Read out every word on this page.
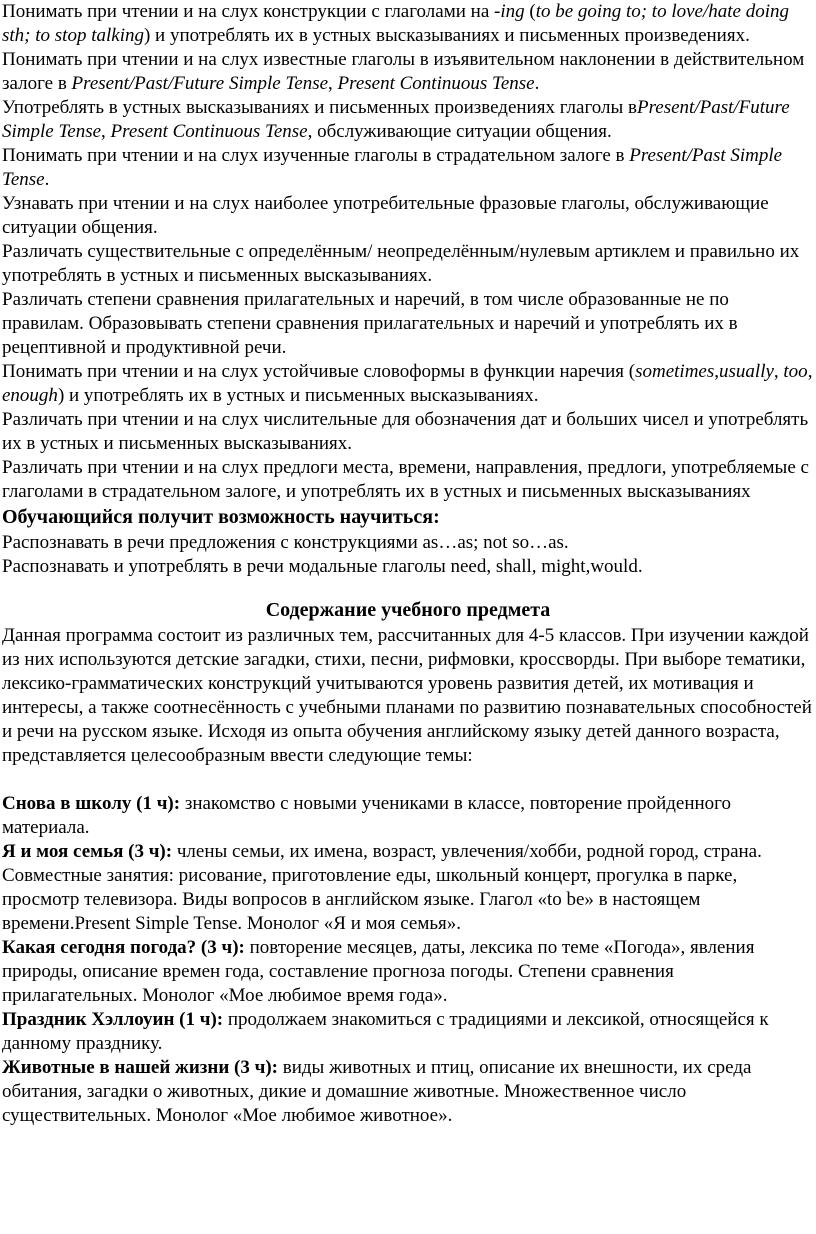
Понимать при чтении и на слух конструкции с глаголами на -ing (to be going to; to love/hate doing sth; to stop talking) и употреблять их в устных высказываниях и письменных произведениях.

Понимать при чтении и на слух известные глаголы в изъявительном наклонении в действительном залоге в Present/Past/Future Simple Tense, Present Continuous Tense.

Употреблять в устных высказываниях и письменных произведениях глаголы вPresent/Past/Future Simple Tense, Present Continuous Tense, обслуживающие ситуации общения.

Понимать при чтении и на слух изученные глаголы в страдательном залоге в Present/Past Simple Tense.

Узнавать при чтении и на слух наиболее употребительные фразовые глаголы, обслуживающие ситуации общения.

Различать существительные с определённым/ неопределённым/нулевым артиклем и правильно их употреблять в устных и письменных высказываниях.

Различать степени сравнения прилагательных и наречий, в том числе образованные не по правилам. Образовывать степени сравнения прилагательных и наречий и употреблять их в рецептивной и продуктивной речи.

Понимать при чтении и на слух устойчивые словоформы в функции наречия (sometimes,usually, too, enough) и употреблять их в устных и письменных высказываниях.

Различать при чтении и на слух числительные для обозначения дат и больших чисел и употреблять их в устных и письменных высказываниях.

Различать при чтении и на слух предлоги места, времени, направления, предлоги, употребляемые с глаголами в страдательном залоге, и употреблять их в устных и письменных высказываниях

Обучающийся получит возможность научиться:

Распознавать в речи предложения с конструкциями as…as; not so…as.

Распознавать и употреблять в речи модальные глаголы need, shall, might,would.

Содержание учебного предмета

Данная программа состоит из различных тем, рассчитанных для 4-5 классов. При изучении каждой из них используются детские загадки, стихи, песни, рифмовки, кроссворды. При выборе тематики, лексико-грамматических конструкций учитываются уровень развития детей, их мотивация и интересы, а также соотнесённость с учебными планами по развитию познавательных способностей и речи на русском языке. Исходя из опыта обучения английскому языку детей данного возраста, представляется целесообразным ввести следующие темы:

Снова в школу (1 ч): знакомство с новыми учениками в классе, повторение пройденного материала.

Я и моя семья (3 ч): члены семьи, их имена, возраст, увлечения/хобби, родной город, страна. Совместные занятия: рисование, приготовление еды, школьный концерт, прогулка в парке, просмотр телевизора. Виды вопросов в английском языке. Глагол «to be» в настоящем времени.Present Simple Tense. Монолог «Я и моя семья».

Какая сегодня погода? (3 ч): повторение месяцев, даты, лексика по теме «Погода», явления природы, описание времен года, составление прогноза погоды. Степени сравнения прилагательных. Монолог «Мое любимое время года».

Праздник Хэллоуин (1 ч): продолжаем знакомиться с традициями и лексикой, относящейся к данному празднику.

Животные в нашей жизни (3 ч): виды животных и птиц, описание их внешности, их среда обитания, загадки о животных, дикие и домашние животные. Множественное число существительных. Монолог «Мое любимое животное».
